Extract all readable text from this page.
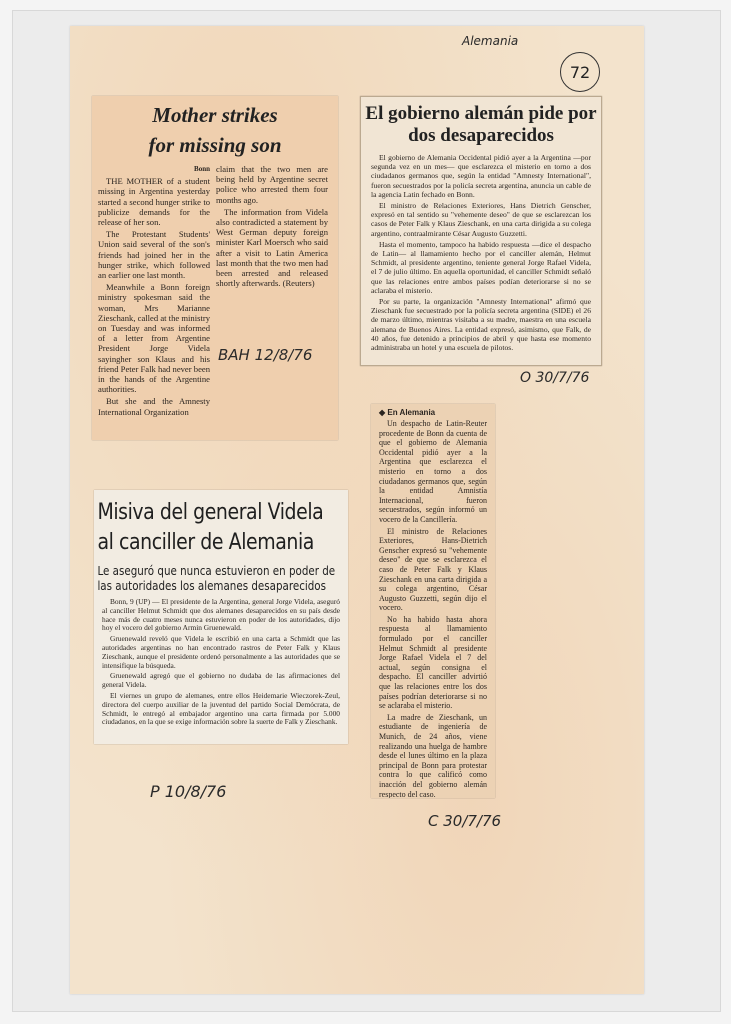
Alemania
72
Mother strikes
for missing son

Bonn

THE MOTHER of a student missing in Argentina yesterday started a second hunger strike to publicize demands for the release of her son.

The Protestant Students' Union said several of the son's friends had joined her in the hunger strike, which followed an earlier one last month.

Meanwhile a Bonn foreign ministry spokesman said the woman, Mrs Marianne Zieschank, called at the ministry on Tuesday and was informed of a letter from Argentine President Jorge Videla sayingher son Klaus and his friend Peter Falk had never been in the hands of the Argentine authorities.

But she and the Amnesty International Organization

claim that the two men are being held by Argentine secret police who arrested them four months ago.

The information from Videla also contradicted a statement by West German deputy foreign minister Karl Moersch who said after a visit to Latin America last month that the two men had been arrested and released shortly afterwards. (Reuters)

BAH 12/8/76
El gobierno alemán pide por dos desaparecidos

El gobierno de Alemania Occidental pidió ayer a la Argentina —por segunda vez en un mes— que esclarezca el misterio en torno a dos ciudadanos germanos que, según la entidad "Amnesty International", fueron secuestrados por la policía secreta argentina, anuncia un cable de la agencia Latin fechado en Bonn.

El ministro de Relaciones Exteriores, Hans Dietrich Genscher, expresó en tal sentido su "vehemente deseo" de que se esclarezcan los casos de Peter Falk y Klaus Zieschank, en una carta dirigida a su colega argentino, contraalmirante César Augusto Guzzetti.

Hasta el momento, tampoco ha habido respuesta —dice el despacho de Latin— al llamamiento hecho por el canciller alemán, Helmut Schmidt, al presidente argentino, teniente general Jorge Rafael Videla, el 7 de julio último. En aquella oportunidad, el canciller Schmidt señaló que las relaciones entre ambos países podían deteriorarse si no se aclaraba el misterio.

Por su parte, la organización "Amnesty International" afirmó que Zieschank fue secuestrado por la policía secreta argentina (SIDE) el 26 de marzo último, mientras visitaba a su madre, maestra en una escuela alemana de Buenos Aires. La entidad expresó, asimismo, que Falk, de 40 años, fue detenido a principios de abril y que hasta ese momento administraba un hotel y una escuela de pilotos.

O 30/7/76
◆ En Alemania

Un despacho de Latin-Reuter procedente de Bonn da cuenta de que el gobierno de Alemania Occidental pidió ayer a la Argentina que esclarezca el misterio en torno a dos ciudadanos germanos que, según la entidad Amnistía Internacional, fueron secuestrados, según informó un vocero de la Cancillería.

El ministro de Relaciones Exteriores, Hans-Dietrich Genscher expresó su "vehemente deseo" de que se esclarezca el caso de Peter Falk y Klaus Zieschank en una carta dirigida a su colega argentino, César Augusto Guzzetti, según dijo el vocero.

No ha habido hasta ahora respuesta al llamamiento formulado por el canciller Helmut Schmidt al presidente Jorge Rafael Videla el 7 del actual, según consigna el despacho. El canciller advirtió que las relaciones entre los dos países podrían deteriorarse si no se aclaraba el misterio.

La madre de Zieschank, un estudiante de ingeniería de Munich, de 24 años, viene realizando una huelga de hambre desde el lunes último en la plaza principal de Bonn para protestar contra lo que calificó como inacción del gobierno alemán respecto del caso.

Misiva del general Videla
al canciller de Alemania
Le aseguró que nunca estuvieron en poder de
las autoridades los alemanes desaparecidos

Bonn, 9 (UP) — El presidente de la Argentina, general Jorge Videla, aseguró al canciller Helmut Schmidt que dos alemanes desaparecidos en su país desde hace más de cuatro meses nunca estuvieron en poder de los autoridades, dijo hoy el vocero del gobierno Armin Gruenewald.

Gruenewald reveló que Videla le escribió en una carta a Schmidt que las autoridades argentinas no han encontrado rastros de Peter Falk y Klaus Zieschank, aunque el presidente ordenó personalmente a las autoridades que se intensifique la búsqueda.

Gruenewald agregó que el gobierno no dudaba de las afirmaciones del general Videla.

El viernes un grupo de alemanes, entre ellos Heidemarie Wieczorek-Zeul, directora del cuerpo auxiliar de la juventud del partido Social Demócrata, de Schmidt, le entregó al embajador argentino una carta firmada por 5.000 ciudadanos, en la que se exige información sobre la suerte de Falk y Zieschank.

P 10/8/76
C 30/7/76
